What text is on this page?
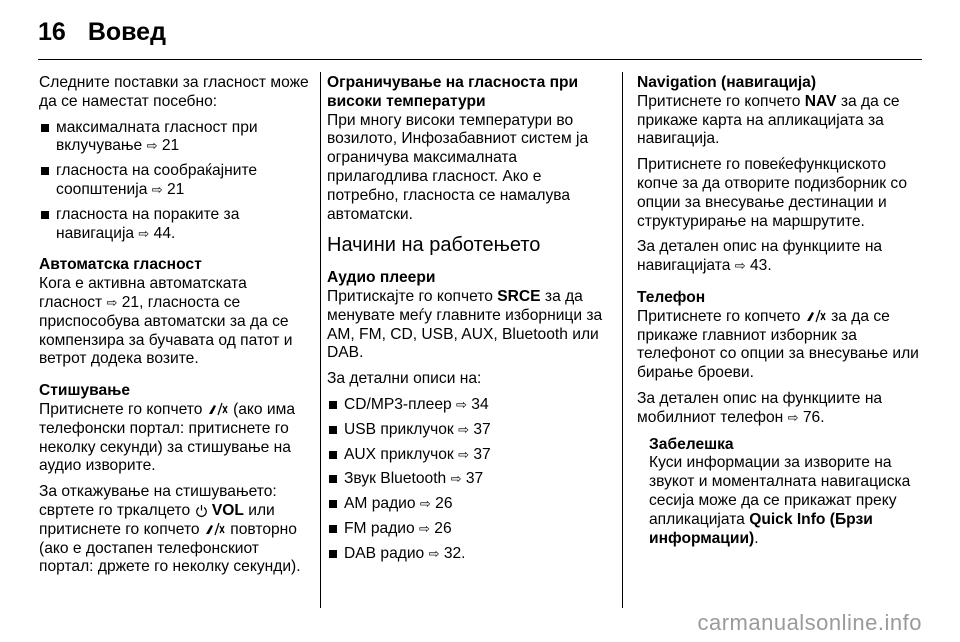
16 Вовед

Следните поставки за гласност може да се наместат посебно:

максималната гласност при вклучување ⇨ 21
гласноста на сообраќајните соопштенија ⇨ 21
гласноста на пораките за навигација ⇨ 44.
Автоматска гласност

Кога е активна автоматската гласност ⇨ 21, гласноста се приспособува автоматски за да се компензира за бучавата од патот и ветрот додека возите.

Стишување

Притиснете го копчето (ако има телефонски портал: притиснете го неколку секунди) за стишување на аудио изворите.

За откажување на стишувањето: свртете го тркалцето VOL или притиснете го копчето повторно (ако е достапен телефонскиот портал: држете го неколку секунди).

Ограничување на гласноста при високи температури

При многу високи температури во возилото, Инфозабавниот систем ја ограничува максималната прилагодлива гласност. Ако е потребно, гласноста се намалува автоматски.

Начини на работењето
Аудио плеери

Притискајте го копчето SRCE за да менувате меѓу главните изборници за AM, FM, CD, USB, AUX, Bluetooth или DAB.

За детални описи на:

CD/MP3-плеер ⇨ 34
USB приклучок ⇨ 37
AUX приклучок ⇨ 37
Звук Bluetooth ⇨ 37
AM радио ⇨ 26
FM радио ⇨ 26
DAB радио ⇨ 32.
Navigation (навигација)

Притиснете го копчето NAV за да се прикаже карта на апликацијата за навигација.

Притиснете го повеќефункциското копче за да отворите подизборник со опции за внесување дестинации и структурирање на маршрутите.

За детален опис на функциите на навигацијата ⇨ 43.

Телефон

Притиснете го копчето за да се прикаже главниот изборник за телефонот со опции за внесување или бирање броеви.

За детален опис на функциите на мобилниот телефон ⇨ 76.

Забелешка

Куси информации за изворите на звукот и моменталната навигациска сесија може да се прикажат преку апликацијата Quick Info (Брзи информации).

carmanualsonline.info
